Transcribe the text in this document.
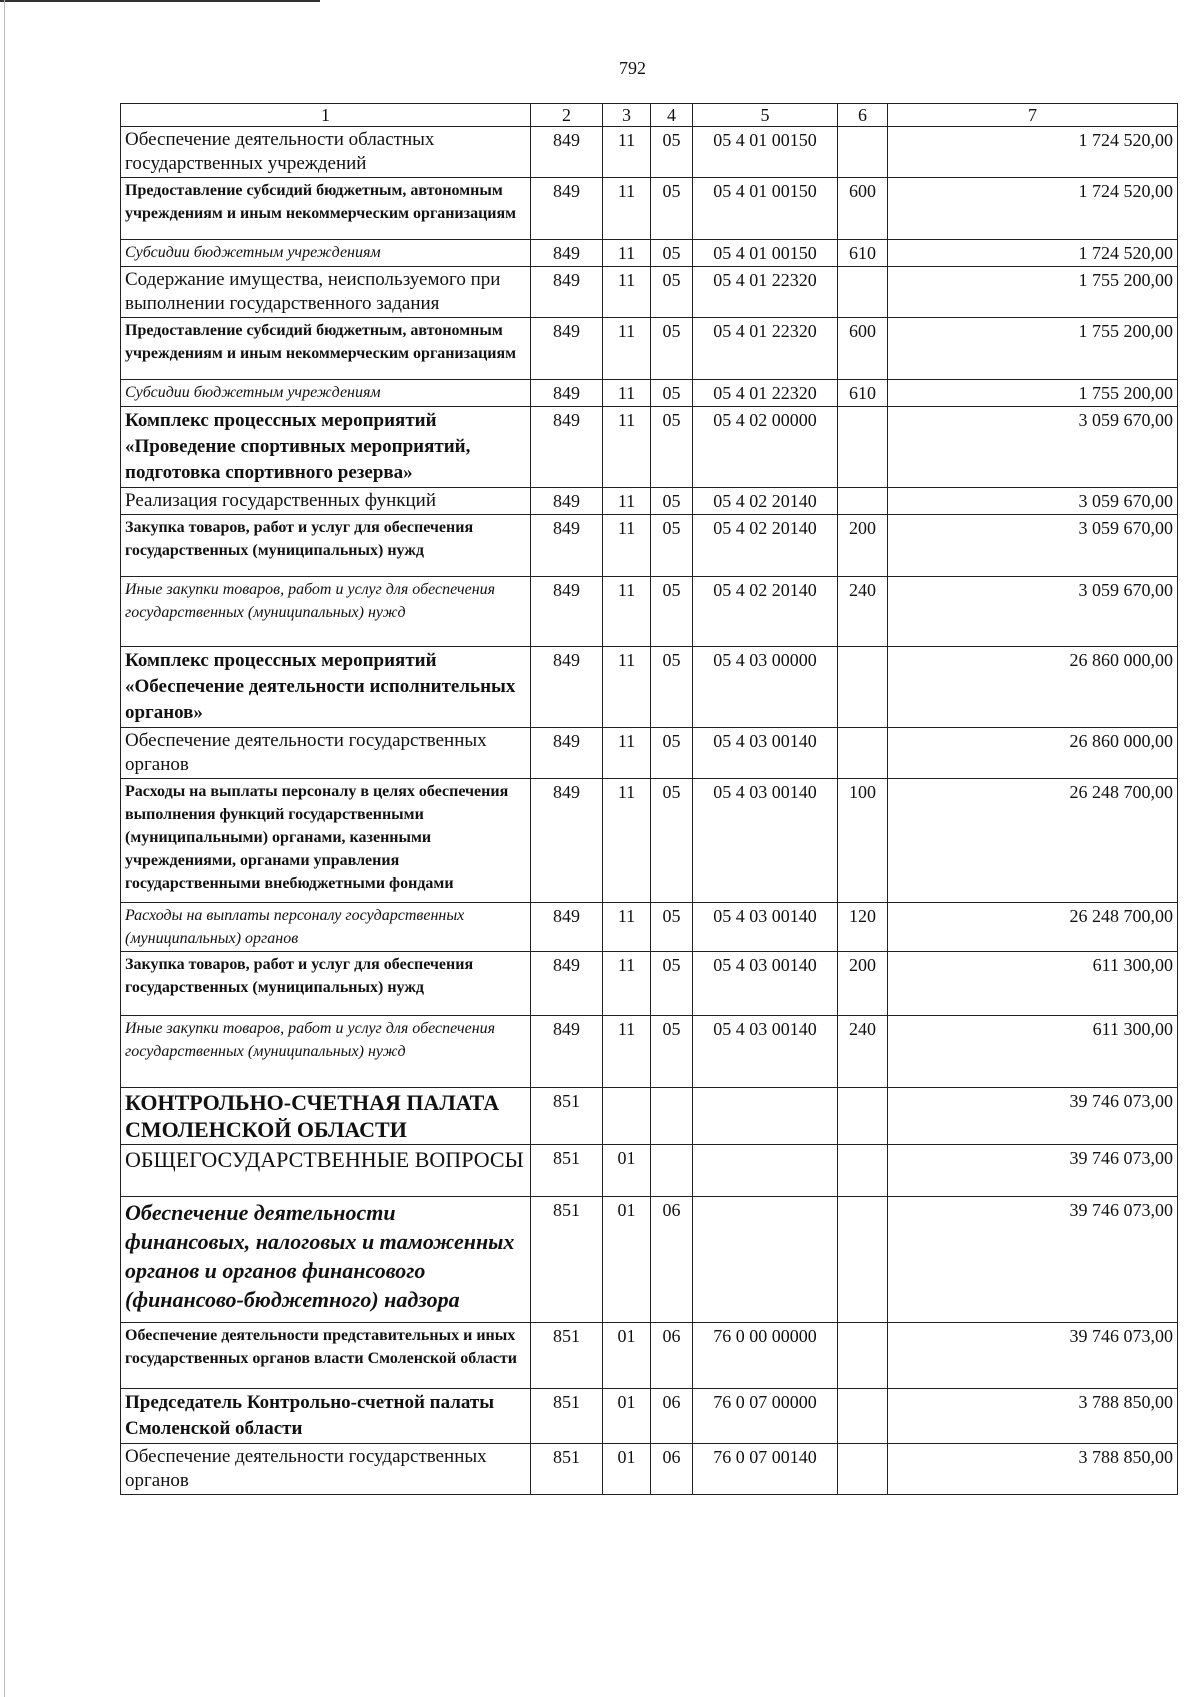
792
1	2	3	4	5	6	7
Обеспечение деятельности областных государственных учреждений	849	11	05	05 4 01 00150		1 724 520,00
Предоставление субсидий бюджетным, автономным учреждениям и иным некоммерческим организациям	849	11	05	05 4 01 00150	600	1 724 520,00
Субсидии бюджетным учреждениям	849	11	05	05 4 01 00150	610	1 724 520,00
Содержание имущества, неиспользуемого при выполнении государственного задания	849	11	05	05 4 01 22320		1 755 200,00
Предоставление субсидий бюджетным, автономным учреждениям и иным некоммерческим организациям	849	11	05	05 4 01 22320	600	1 755 200,00
Субсидии бюджетным учреждениям	849	11	05	05 4 01 22320	610	1 755 200,00
Комплекс процессных мероприятий «Проведение спортивных мероприятий, подготовка спортивного резерва»	849	11	05	05 4 02 00000		3 059 670,00
Реализация государственных функций	849	11	05	05 4 02 20140		3 059 670,00
Закупка товаров, работ и услуг для обеспечения государственных (муниципальных) нужд	849	11	05	05 4 02 20140	200	3 059 670,00
Иные закупки товаров, работ и услуг для обеспечения государственных (муниципальных) нужд	849	11	05	05 4 02 20140	240	3 059 670,00
Комплекс процессных мероприятий «Обеспечение деятельности исполнительных органов»	849	11	05	05 4 03 00000		26 860 000,00
Обеспечение деятельности государственных органов	849	11	05	05 4 03 00140		26 860 000,00
Расходы на выплаты персоналу в целях обеспечения выполнения функций государственными (муниципальными) органами, казенными учреждениями, органами управления государственными внебюджетными фондами	849	11	05	05 4 03 00140	100	26 248 700,00
Расходы на выплаты персоналу государственных (муниципальных) органов	849	11	05	05 4 03 00140	120	26 248 700,00
Закупка товаров, работ и услуг для обеспечения государственных (муниципальных) нужд	849	11	05	05 4 03 00140	200	611 300,00
Иные закупки товаров, работ и услуг для обеспечения государственных (муниципальных) нужд	849	11	05	05 4 03 00140	240	611 300,00
КОНТРОЛЬНО-СЧЕТНАЯ ПАЛАТА СМОЛЕНСКОЙ ОБЛАСТИ	851					39 746 073,00
ОБЩЕГОСУДАРСТВЕННЫЕ ВОПРОСЫ	851	01				39 746 073,00
Обеспечение деятельности финансовых, налоговых и таможенных органов и органов финансового (финансово-бюджетного) надзора	851	01	06			39 746 073,00
Обеспечение деятельности представительных и иных государственных органов власти Смоленской области	851	01	06	76 0 00 00000		39 746 073,00
Председатель Контрольно-счетной палаты Смоленской области	851	01	06	76 0 07 00000		3 788 850,00
Обеспечение деятельности государственных органов	851	01	06	76 0 07 00140		3 788 850,00
